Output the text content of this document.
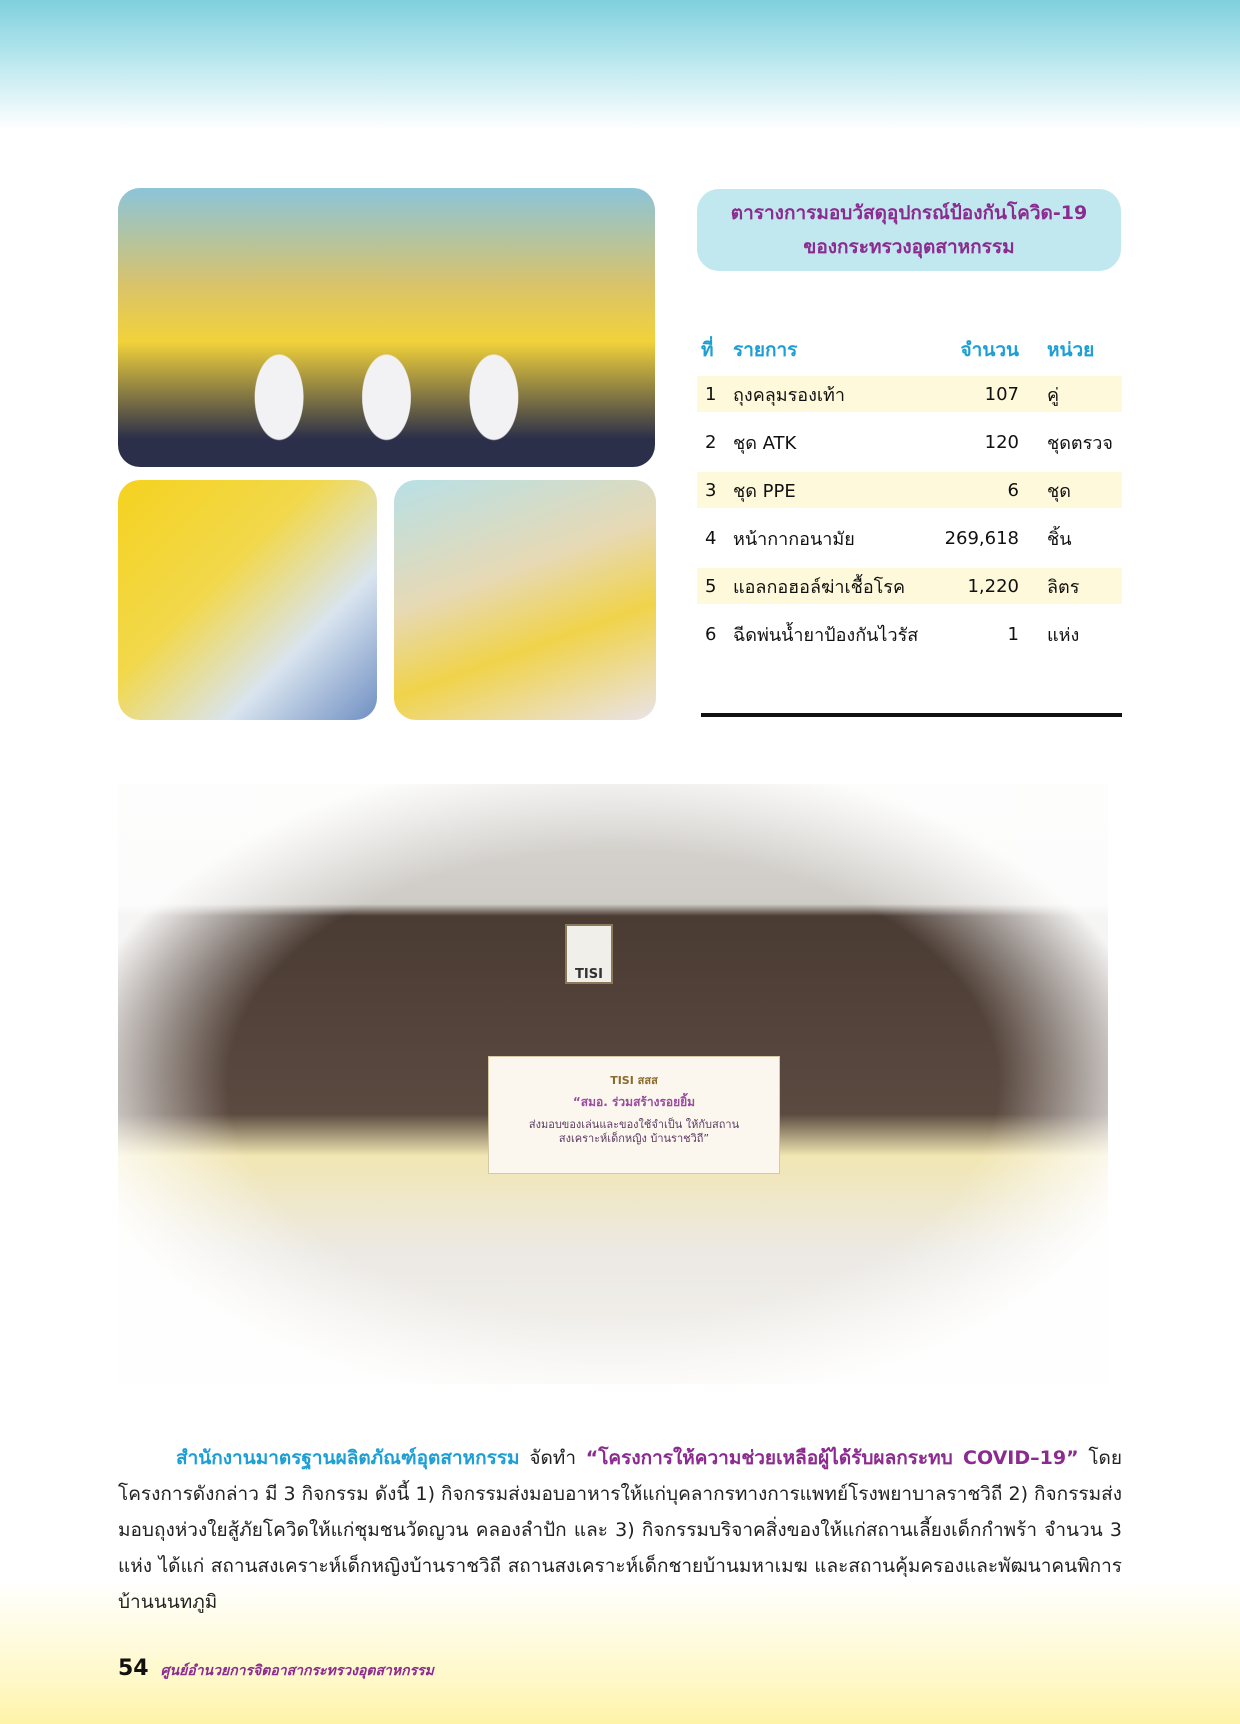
TISI
TISI สสส
“สมอ. ร่วมสร้างรอยยิ้ม
ส่งมอบของเล่นและของใช้จำเป็น ให้กับสถานสงเคราะห์เด็กหญิง บ้านราชวิถี”
ตารางการมอบวัสดุอุปกรณ์ป้องกันโควิด-19
ของกระทรวงอุตสาหกรรม
ที่	รายการ	จำนวน	หน่วย
1 ถุงคลุมรองเท้า	107	คู่
2 ชุด ATK	120	ชุดตรวจ
3 ชุด PPE	6	ชุด
4 หน้ากากอนามัย	269,618	ชิ้น
5 แอลกอฮอล์ฆ่าเชื้อโรค	1,220	ลิตร
6 ฉีดพ่นน้ำยาป้องกันไวรัส	1	แห่ง
สำนักงานมาตรฐานผลิตภัณฑ์อุตสาหกรรม จัดทำ “โครงการให้ความช่วยเหลือผู้ได้รับผลกระทบ COVID–19” โดยโครงการดังกล่าว มี 3 กิจกรรม ดังนี้ 1) กิจกรรมส่งมอบอาหารให้แก่บุคลากรทางการแพทย์โรงพยาบาลราชวิถี 2) กิจกรรมส่งมอบถุงห่วงใยสู้ภัยโควิดให้แก่ชุมชนวัดญวน คลองลำปัก และ 3) กิจกรรมบริจาคสิ่งของให้แก่สถานเลี้ยงเด็กกำพร้า จำนวน 3 แห่ง ได้แก่ สถานสงเคราะห์เด็กหญิงบ้านราชวิถี สถานสงเคราะห์เด็กชายบ้านมหาเมฆ และสถานคุ้มครองและพัฒนาคนพิการบ้านนนทภูมิ
54 ศูนย์อำนวยการจิตอาสากระทรวงอุตสาหกรรม
